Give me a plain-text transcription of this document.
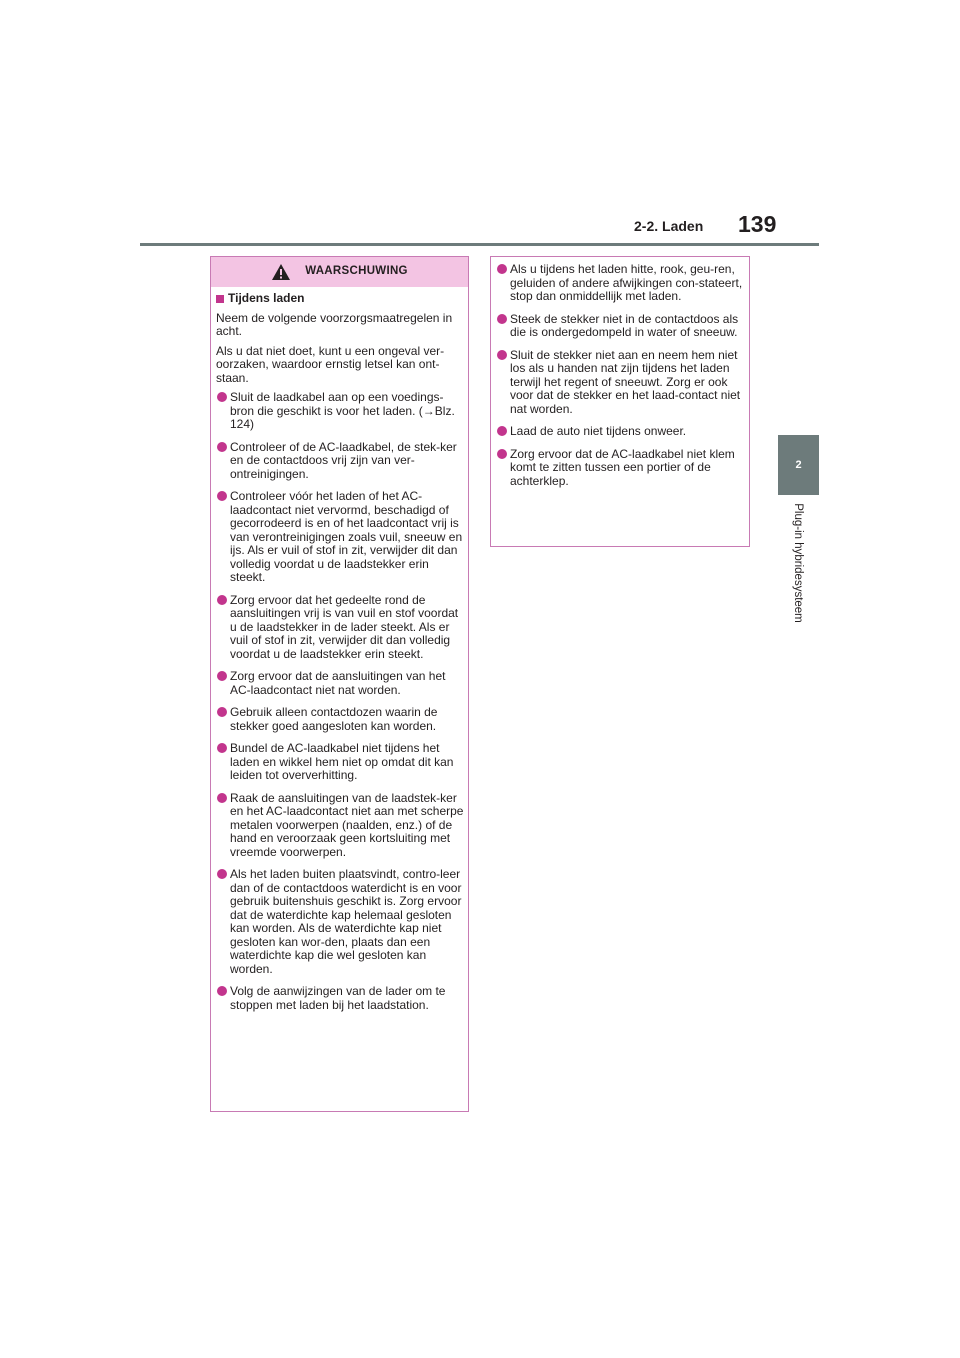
2-2. Laden 139
2
Plug-in hybridesysteem
WAARSCHUWING
Tijdens laden

Neem de volgende voorzorgsmaatregelen in acht.

Als u dat niet doet, kunt u een ongeval ver-oorzaken, waardoor ernstig letsel kan ont-staan.

Sluit de laadkabel aan op een voedings-bron die geschikt is voor het laden. (→Blz. 124)
Controleer of de AC-laadkabel, de stek-ker en de contactdoos vrij zijn van ver-ontreinigingen.
Controleer vóór het laden of het AC-laadcontact niet vervormd, beschadigd of gecorrodeerd is en of het laadcontact vrij is van verontreinigingen zoals vuil, sneeuw en ijs. Als er vuil of stof in zit, verwijder dit dan volledig voordat u de laadstekker erin steekt.
Zorg ervoor dat het gedeelte rond de aansluitingen vrij is van vuil en stof voordat u de laadstekker in de lader steekt. Als er vuil of stof in zit, verwijder dit dan volledig voordat u de laadstekker erin steekt.
Zorg ervoor dat de aansluitingen van het AC-laadcontact niet nat worden.
Gebruik alleen contactdozen waarin de stekker goed aangesloten kan worden.
Bundel de AC-laadkabel niet tijdens het laden en wikkel hem niet op omdat dit kan leiden tot oververhitting.
Raak de aansluitingen van de laadstek-ker en het AC-laadcontact niet aan met scherpe metalen voorwerpen (naalden, enz.) of de hand en veroorzaak geen kortsluiting met vreemde voorwerpen.
Als het laden buiten plaatsvindt, contro-leer dan of de contactdoos waterdicht is en voor gebruik buitenshuis geschikt is. Zorg ervoor dat de waterdichte kap helemaal gesloten kan worden. Als de waterdichte kap niet gesloten kan wor-den, plaats dan een waterdichte kap die wel gesloten kan worden.
Volg de aanwijzingen van de lader om te stoppen met laden bij het laadstation.
Als u tijdens het laden hitte, rook, geu-ren, geluiden of andere afwijkingen con-stateert, stop dan onmiddellijk met laden.
Steek de stekker niet in de contactdoos als die is ondergedompeld in water of sneeuw.
Sluit de stekker niet aan en neem hem niet los als u handen nat zijn tijdens het laden terwijl het regent of sneeuwt. Zorg er ook voor dat de stekker en het laad-contact niet nat worden.
Laad de auto niet tijdens onweer.
Zorg ervoor dat de AC-laadkabel niet klem komt te zitten tussen een portier of de achterklep.
